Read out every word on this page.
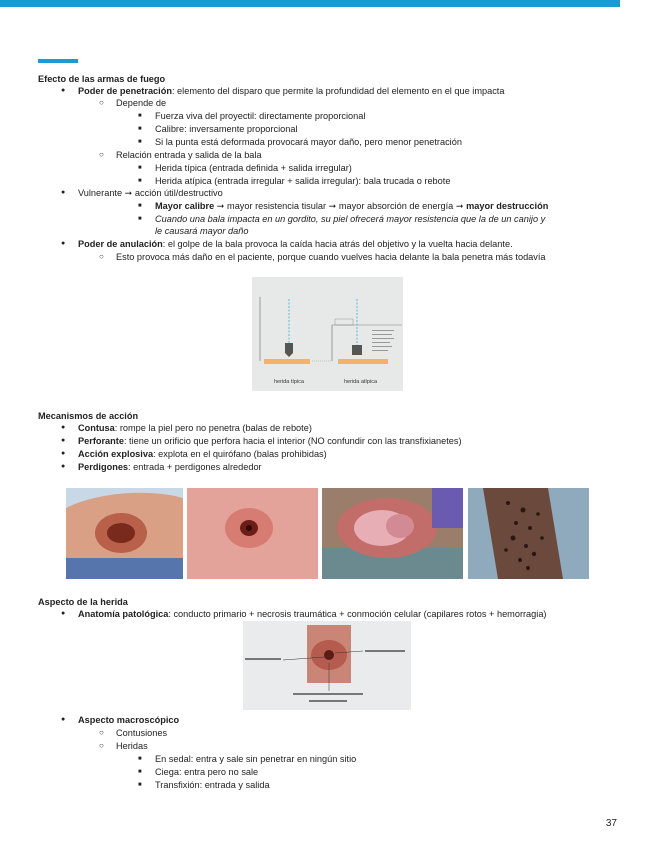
Efecto de las armas de fuego
● Poder de penetración: elemento del disparo que permite la profundidad del elemento en el que impacta
○ Depende de
■ Fuerza viva del proyectil: directamente proporcional
■ Calibre: inversamente proporcional
■ Si la punta está deformada provocará mayor daño, pero menor penetración
○ Relación entrada y salida de la bala
■ Herida típica (entrada definida + salida irregular)
■ Herida atípica (entrada irregular + salida irregular): bala trucada o rebote
● Vulnerante ➞ acción útil/destructivo
■ Mayor calibre ➞ mayor resistencia tisular ➞ mayor absorción de energía ➞ mayor destrucción
■ Cuando una bala impacta en un gordito, su piel ofrecerá mayor resistencia que la de un canijo y
le causará mayor daño
● Poder de anulación: el golpe de la bala provoca la caída hacia atrás del objetivo y la vuelta hacia delante.
○ Esto provoca más daño en el paciente, porque cuando vuelves hacia delante la bala penetra más todavía
herida típica	herida atípica
Mecanismos de acción
● Contusa: rompe la piel pero no penetra (balas de rebote)
● Perforante: tiene un orificio que perfora hacia el interior (NO confundir con las transfixianetes)
● Acción explosiva: explota en el quirófano (balas prohibidas)
● Perdigones: entrada + perdigones alrededor
Aspecto de la herida
● Anatomía patológica: conducto primario + necrosis traumática + conmoción celular (capilares rotos + hemorragia)
● Aspecto macroscópico
○ Contusiones
○ Heridas
■ En sedal: entra y sale sin penetrar en ningún sitio
■ Ciega: entra pero no sale
■ Transfixión: entrada y salida
37
